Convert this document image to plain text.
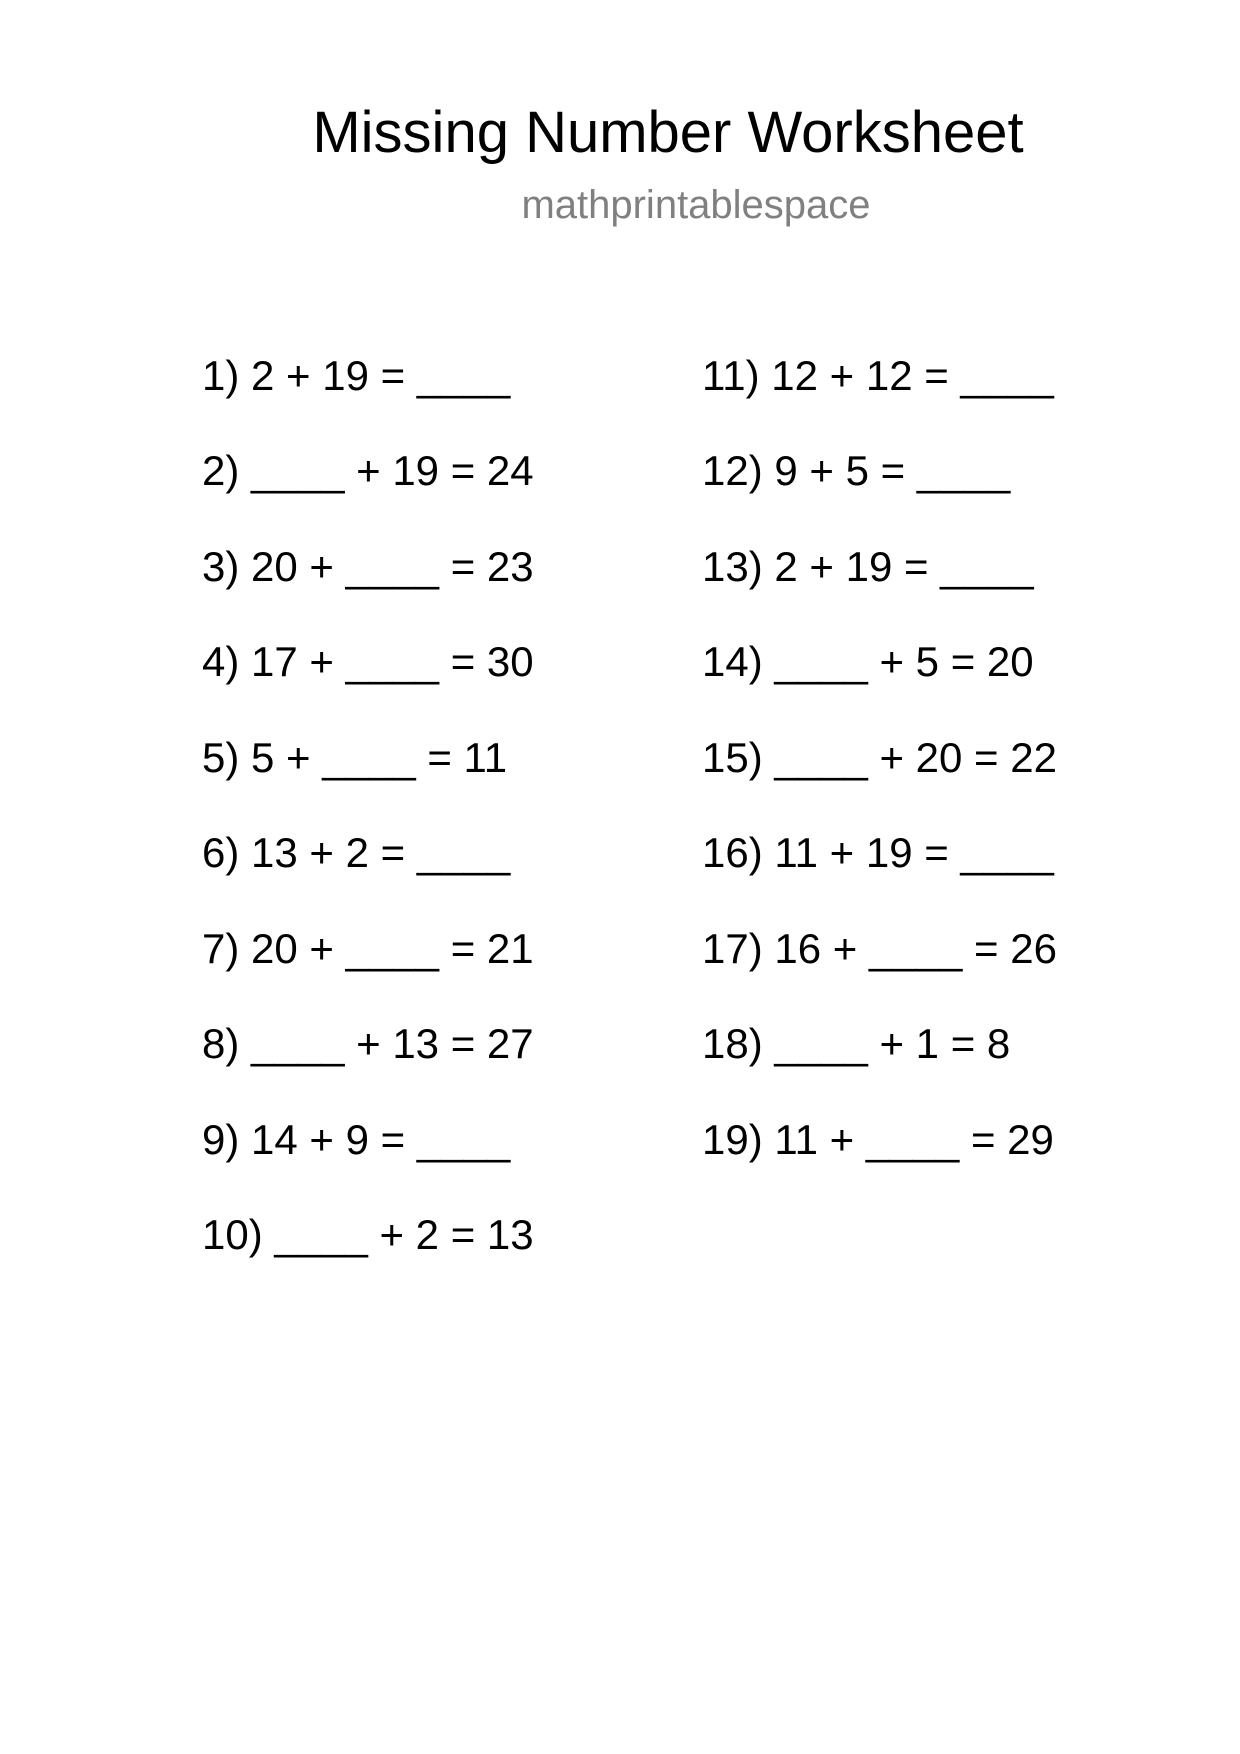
Missing Number Worksheet
mathprintablespace
1) 2 + 19 = ____
2) ____ + 19 = 24
3) 20 + ____ = 23
4) 17 + ____ = 30
5) 5 + ____ = 11
6) 13 + 2 = ____
7) 20 + ____ = 21
8) ____ + 13 = 27
9) 14 + 9 = ____
10) ____ + 2 = 13
11) 12 + 12 = ____
12) 9 + 5 = ____
13) 2 + 19 = ____
14) ____ + 5 = 20
15) ____ + 20 = 22
16) 11 + 19 = ____
17) 16 + ____ = 26
18) ____ + 1 = 8
19) 11 + ____ = 29
